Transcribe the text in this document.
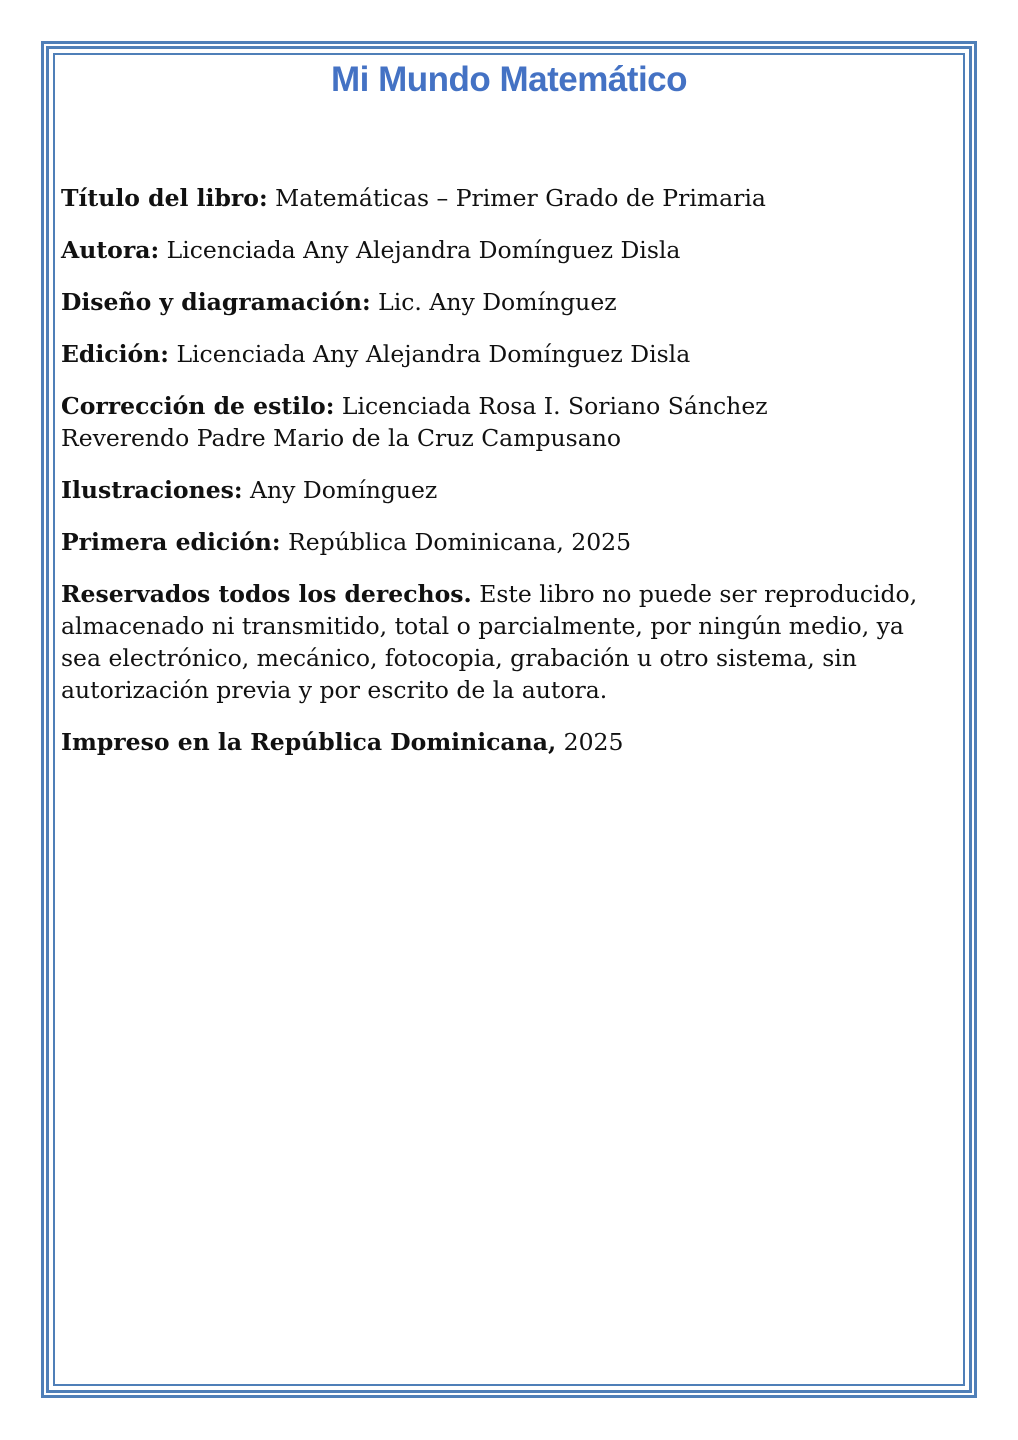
Mi Mundo Matemático

Título del libro: Matemáticas – Primer Grado de Primaria

Autora: Licenciada Any Alejandra Domínguez Disla

Diseño y diagramación: Lic. Any Domínguez

Edición: Licenciada Any Alejandra Domínguez Disla

Corrección de estilo: Licenciada Rosa I. Soriano Sánchez
Reverendo Padre Mario de la Cruz Campusano

Ilustraciones: Any Domínguez

Primera edición: República Dominicana, 2025

Reservados todos los derechos. Este libro no puede ser reproducido, almacenado ni transmitido, total o parcialmente, por ningún medio, ya sea electrónico, mecánico, fotocopia, grabación u otro sistema, sin autorización previa y por escrito de la autora.

Impreso en la República Dominicana, 2025
